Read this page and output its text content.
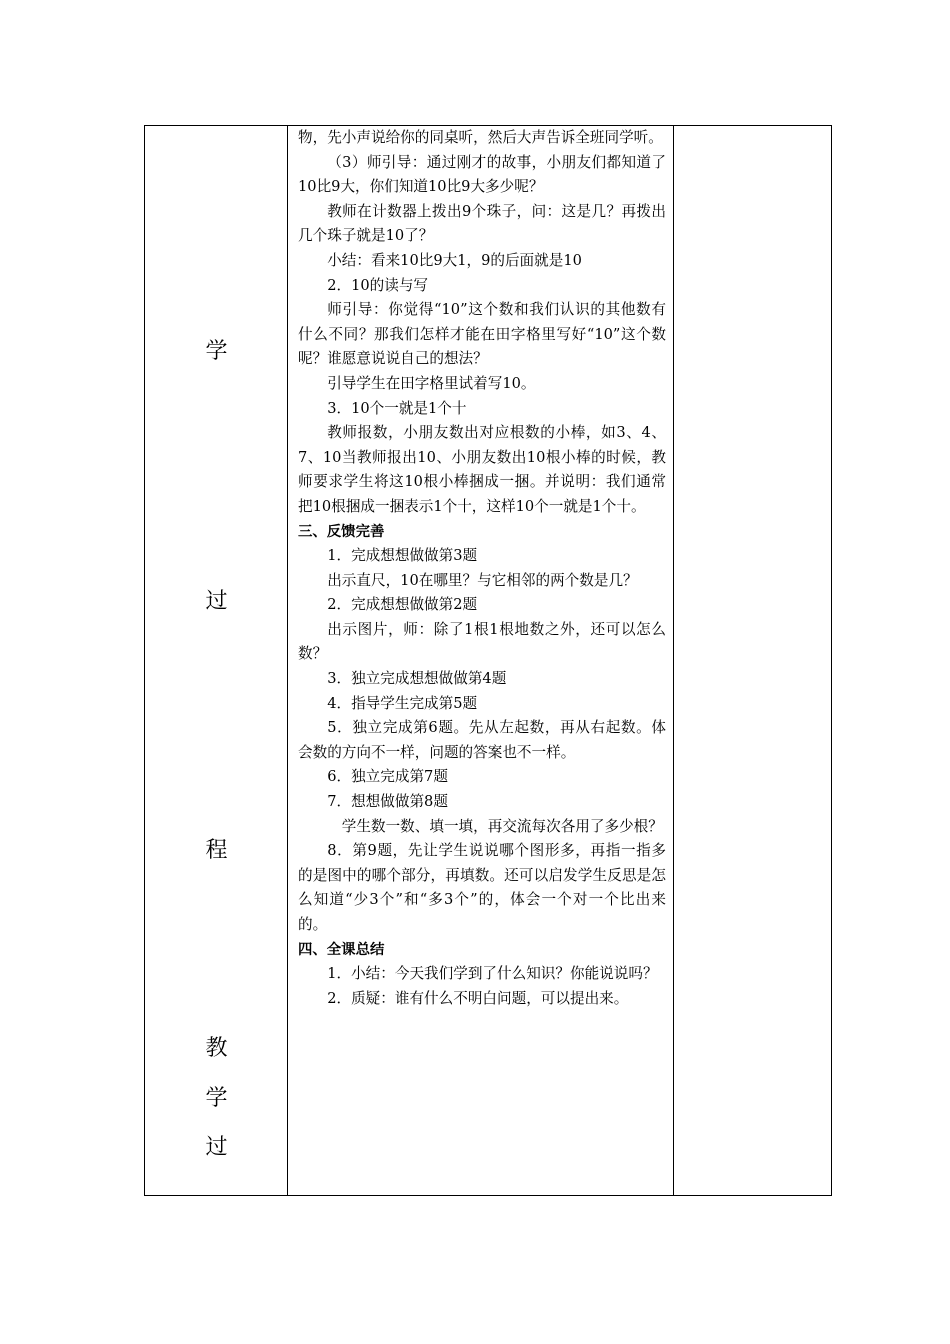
学
过
程
教
学
过

物，先小声说给你的同桌听，然后大声告诉全班同学听。

（3）师引导：通过刚才的故事，小朋友们都知道了10比9大，你们知道10比9大多少呢？

教师在计数器上拨出9个珠子，问：这是几？再拨出几个珠子就是10了？

小结：看来10比9大1，9的后面就是10

2．10的读与写

师引导：你觉得“10”这个数和我们认识的其他数有什么不同？那我们怎样才能在田字格里写好“10”这个数呢？谁愿意说说自己的想法？

引导学生在田字格里试着写10。

3．10个一就是1个十

教师报数，小朋友数出对应根数的小棒，如3、4、7、10当教师报出10、小朋友数出10根小棒的时候，教师要求学生将这10根小棒捆成一捆。并说明：我们通常把10根捆成一捆表示1个十，这样10个一就是1个十。

三、反馈完善

1．完成想想做做第3题

出示直尺，10在哪里？与它相邻的两个数是几？

2．完成想想做做第2题

出示图片，师：除了1根1根地数之外，还可以怎么数？

3．独立完成想想做做第4题

4．指导学生完成第5题

5．独立完成第6题。先从左起数，再从右起数。体会数的方向不一样，问题的答案也不一样。

6．独立完成第7题

7．想想做做第8题

学生数一数、填一填，再交流每次各用了多少根？

8．第9题，先让学生说说哪个图形多，再指一指多的是图中的哪个部分，再填数。还可以启发学生反思是怎么知道“少3个”和“多3个”的，体会一个对一个比出来的。

四、全课总结

1．小结：今天我们学到了什么知识？你能说说吗？

2．质疑：谁有什么不明白问题，可以提出来。
